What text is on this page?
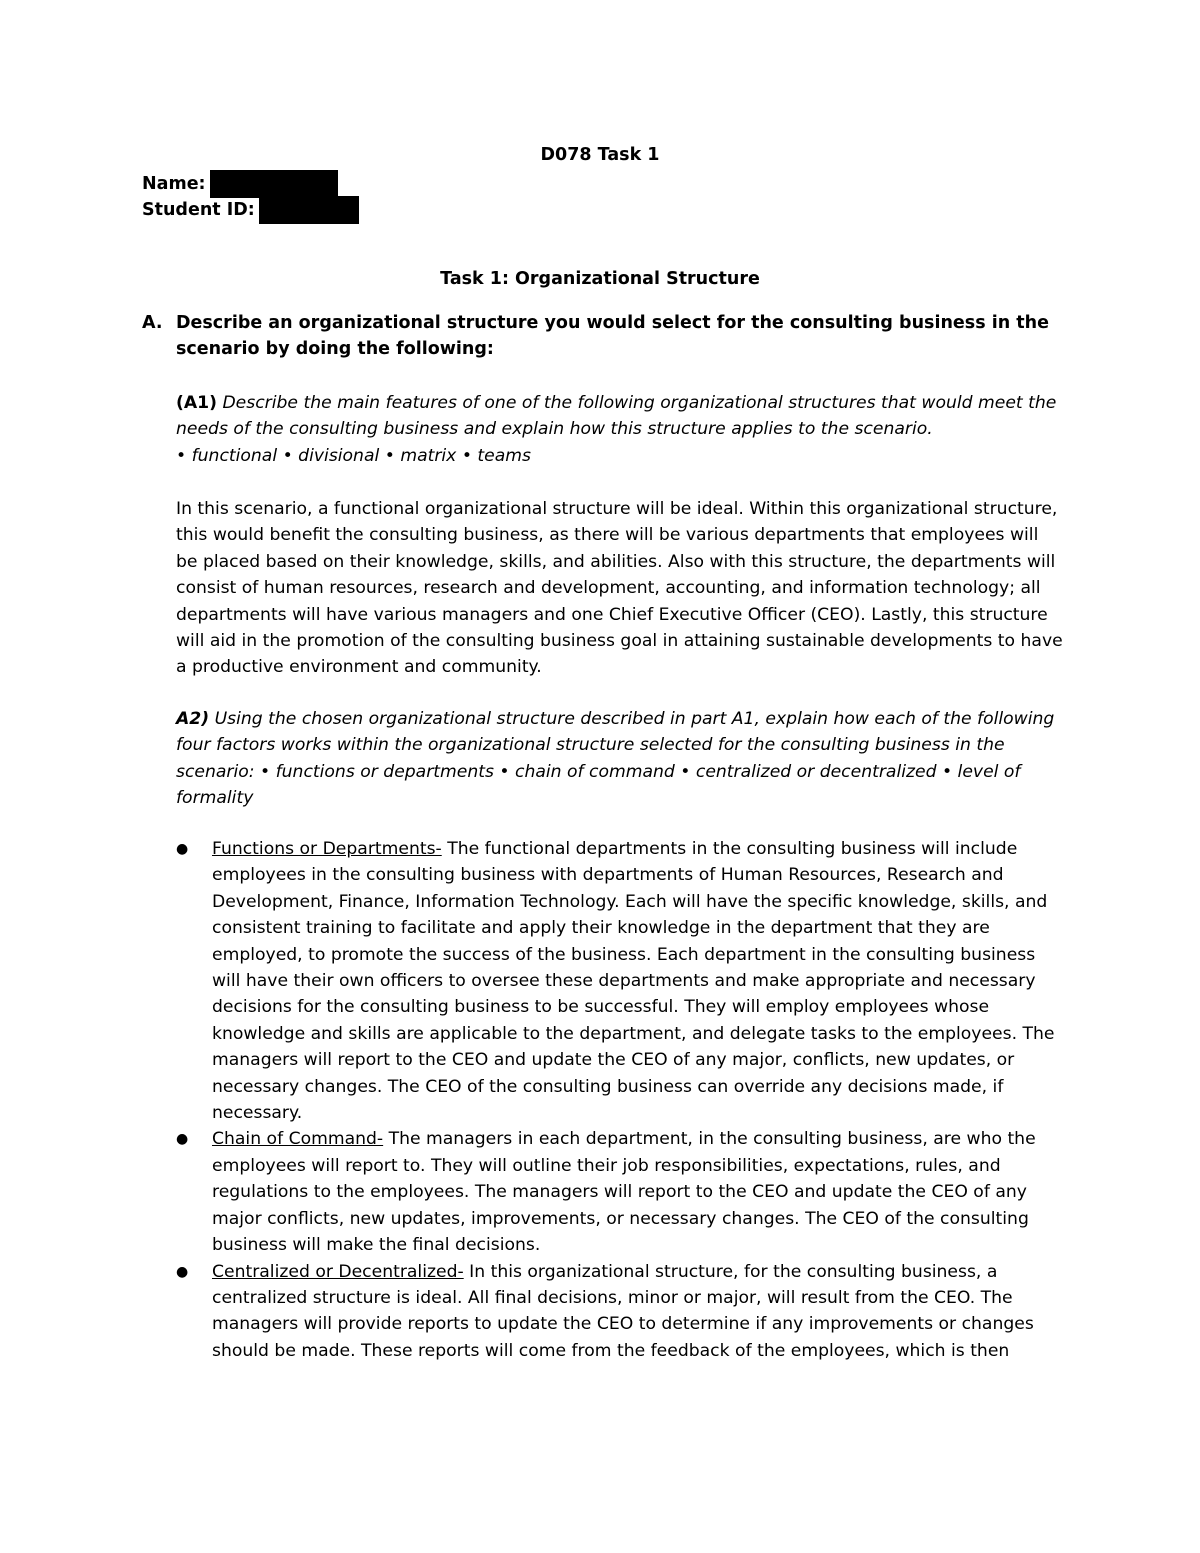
D078 Task 1
Name:
Student ID:
Task 1: Organizational Structure
A. Describe an organizational structure you would select for the consulting business in the scenario by doing the following:
(A1) Describe the main features of one of the following organizational structures that would meet the needs of the consulting business and explain how this structure applies to the scenario.
• functional • divisional • matrix • teams
In this scenario, a functional organizational structure will be ideal. Within this organizational structure, this would benefit the consulting business, as there will be various departments that employees will be placed based on their knowledge, skills, and abilities. Also with this structure, the departments will consist of human resources, research and development, accounting, and information technology; all departments will have various managers and one Chief Executive Officer (CEO). Lastly, this structure will aid in the promotion of the consulting business goal in attaining sustainable developments to have a productive environment and community.
A2) Using the chosen organizational structure described in part A1, explain how each of the following four factors works within the organizational structure selected for the consulting business in the scenario: • functions or departments • chain of command • centralized or decentralized • level of formality
● Functions or Departments- The functional departments in the consulting business will include employees in the consulting business with departments of Human Resources, Research and Development, Finance, Information Technology. Each will have the specific knowledge, skills, and consistent training to facilitate and apply their knowledge in the department that they are employed, to promote the success of the business. Each department in the consulting business will have their own officers to oversee these departments and make appropriate and necessary decisions for the consulting business to be successful. They will employ employees whose knowledge and skills are applicable to the department, and delegate tasks to the employees. The managers will report to the CEO and update the CEO of any major, conflicts, new updates, or necessary changes. The CEO of the consulting business can override any decisions made, if necessary.
● Chain of Command- The managers in each department, in the consulting business, are who the employees will report to. They will outline their job responsibilities, expectations, rules, and regulations to the employees. The managers will report to the CEO and update the CEO of any major conflicts, new updates, improvements, or necessary changes. The CEO of the consulting business will make the final decisions.
● Centralized or Decentralized- In this organizational structure, for the consulting business, a centralized structure is ideal. All final decisions, minor or major, will result from the CEO. The managers will provide reports to update the CEO to determine if any improvements or changes should be made. These reports will come from the feedback of the employees, which is then
